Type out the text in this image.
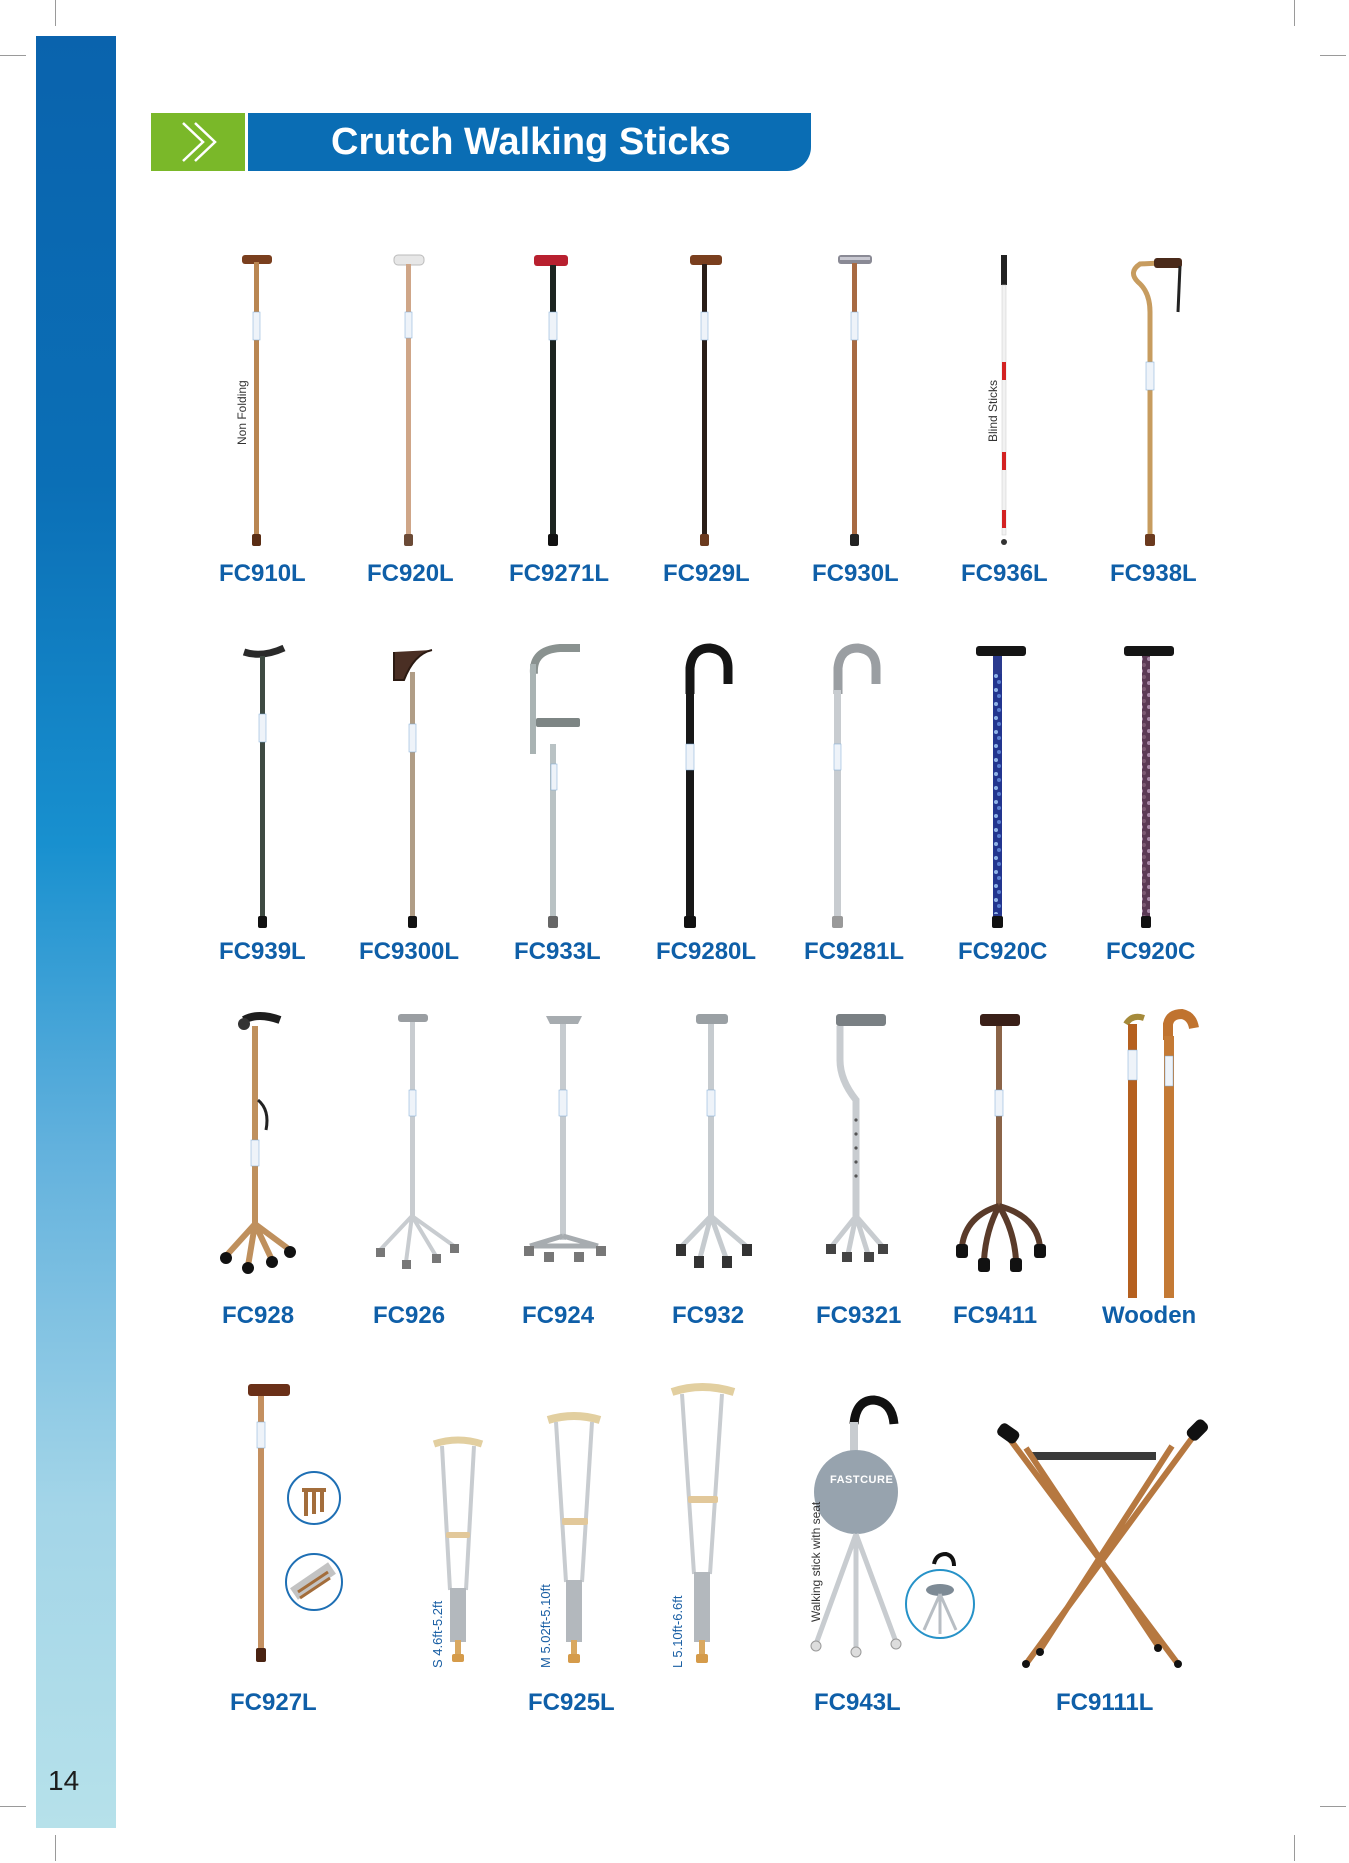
14
Crutch Walking Sticks
Non Folding
FC910L	FC920L FC9271L FC929L	FC930L
Blind Sticks
FC936L	FC938L
FC939L FC9300L FC933L FC9280L FC9281L FC920C FC920C
FC928	FC926	FC924	FC932	FC9321 FC9411	Wooden
FC927L
S 4.6ft-5.2ft	M 5.02ft-5.10ft
FC925L
L 5.10ft-6.6ft
FASTCURE
Walking stick with seat
FC943L	FC9111L
